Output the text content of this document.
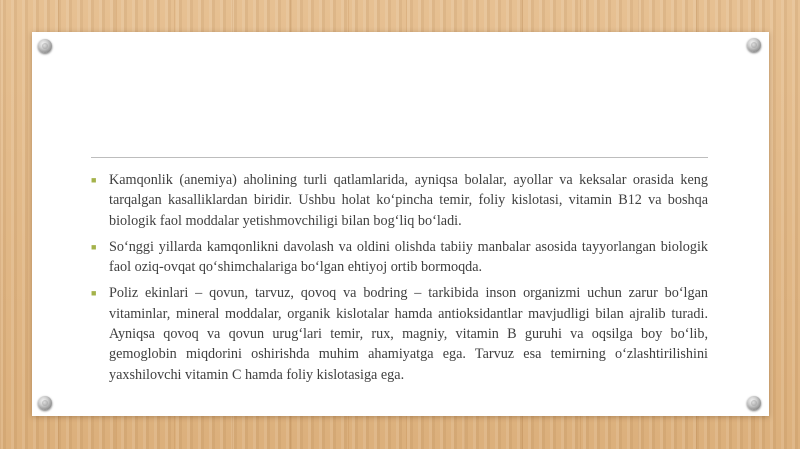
■ Kamqonlik (anemiya) aholining turli qatlamlarida, ayniqsa bolalar, ayollar va keksalar orasida keng tarqalgan kasalliklardan biridir. Ushbu holat ko‘pincha temir, foliy kislotasi, vitamin B12 va boshqa biologik faol moddalar yetishmovchiligi bilan bog‘liq bo‘ladi.

■ So‘nggi yillarda kamqonlikni davolash va oldini olishda tabiiy manbalar asosida tayyorlangan biologik faol oziq-ovqat qo‘shimchalariga bo‘lgan ehtiyoj ortib bormoqda.

■ Poliz ekinlari – qovun, tarvuz, qovoq va bodring – tarkibida inson organizmi uchun zarur bo‘lgan vitaminlar, mineral moddalar, organik kislotalar hamda antioksidantlar mavjudligi bilan ajralib turadi. Ayniqsa qovoq va qovun urug‘lari temir, rux, magniy, vitamin B guruhi va oqsilga boy bo‘lib, gemoglobin miqdorini oshirishda muhim ahamiyatga ega. Tarvuz esa temirning o‘zlashtirilishini yaxshilovchi vitamin C hamda foliy kislotasiga ega.
